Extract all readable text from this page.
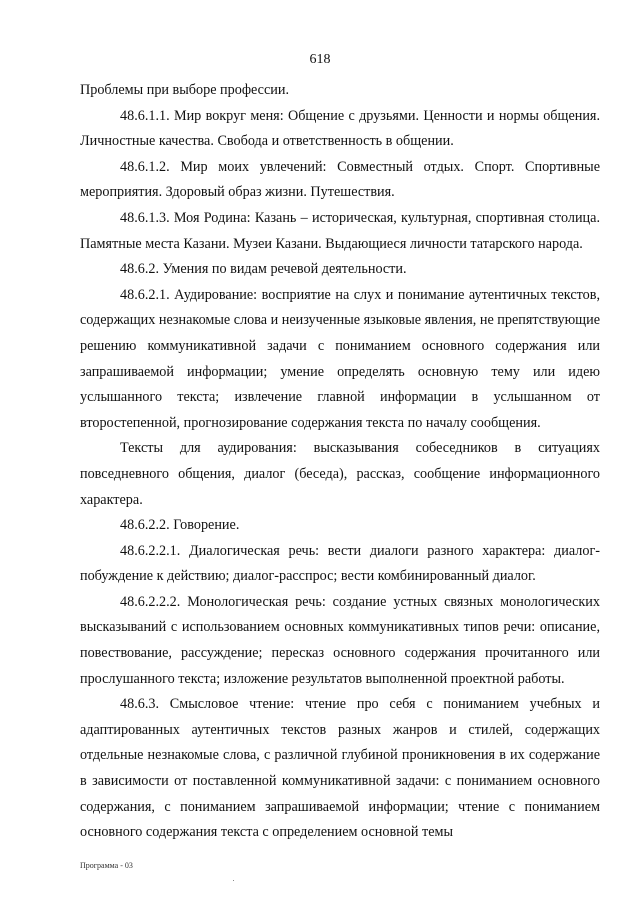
618

Проблемы при выборе профессии.

48.6.1.1. Мир вокруг меня: Общение с друзьями. Ценности и нормы общения. Личностные качества. Свобода и ответственность в общении.

48.6.1.2. Мир моих увлечений: Совместный отдых. Спорт. Спортивные мероприятия. Здоровый образ жизни. Путешествия.

48.6.1.3. Моя Родина: Казань – историческая, культурная, спортивная столица. Памятные места Казани. Музеи Казани. Выдающиеся личности татарского народа.

48.6.2. Умения по видам речевой деятельности.

48.6.2.1. Аудирование: восприятие на слух и понимание аутентичных текстов, содержащих незнакомые слова и неизученные языковые явления, не препятствующие решению коммуникативной задачи с пониманием основного содержания или запрашиваемой информации; умение определять основную тему или идею услышанного текста; извлечение главной информации в услышанном от второстепенной, прогнозирование содержания текста по началу сообщения.

Тексты для аудирования: высказывания собеседников в ситуациях повседневного общения, диалог (беседа), рассказ, сообщение информационного характера.

48.6.2.2. Говорение.

48.6.2.2.1. Диалогическая речь: вести диалоги разного характера: диалог-побуждение к действию; диалог-расспрос; вести комбинированный диалог.

48.6.2.2.2. Монологическая речь: создание устных связных монологических высказываний с использованием основных коммуникативных типов речи: описание, повествование, рассуждение; пересказ основного содержания прочитанного или прослушанного текста; изложение результатов выполненной проектной работы.

48.6.3. Смысловое чтение: чтение про себя с пониманием учебных и адаптированных аутентичных текстов разных жанров и стилей, содержащих отдельные незнакомые слова, с различной глубиной проникновения в их содержание в зависимости от поставленной коммуникативной задачи: с пониманием основного содержания, с пониманием запрашиваемой информации; чтение с пониманием основного содержания текста с определением основной темы

Программа - 03
